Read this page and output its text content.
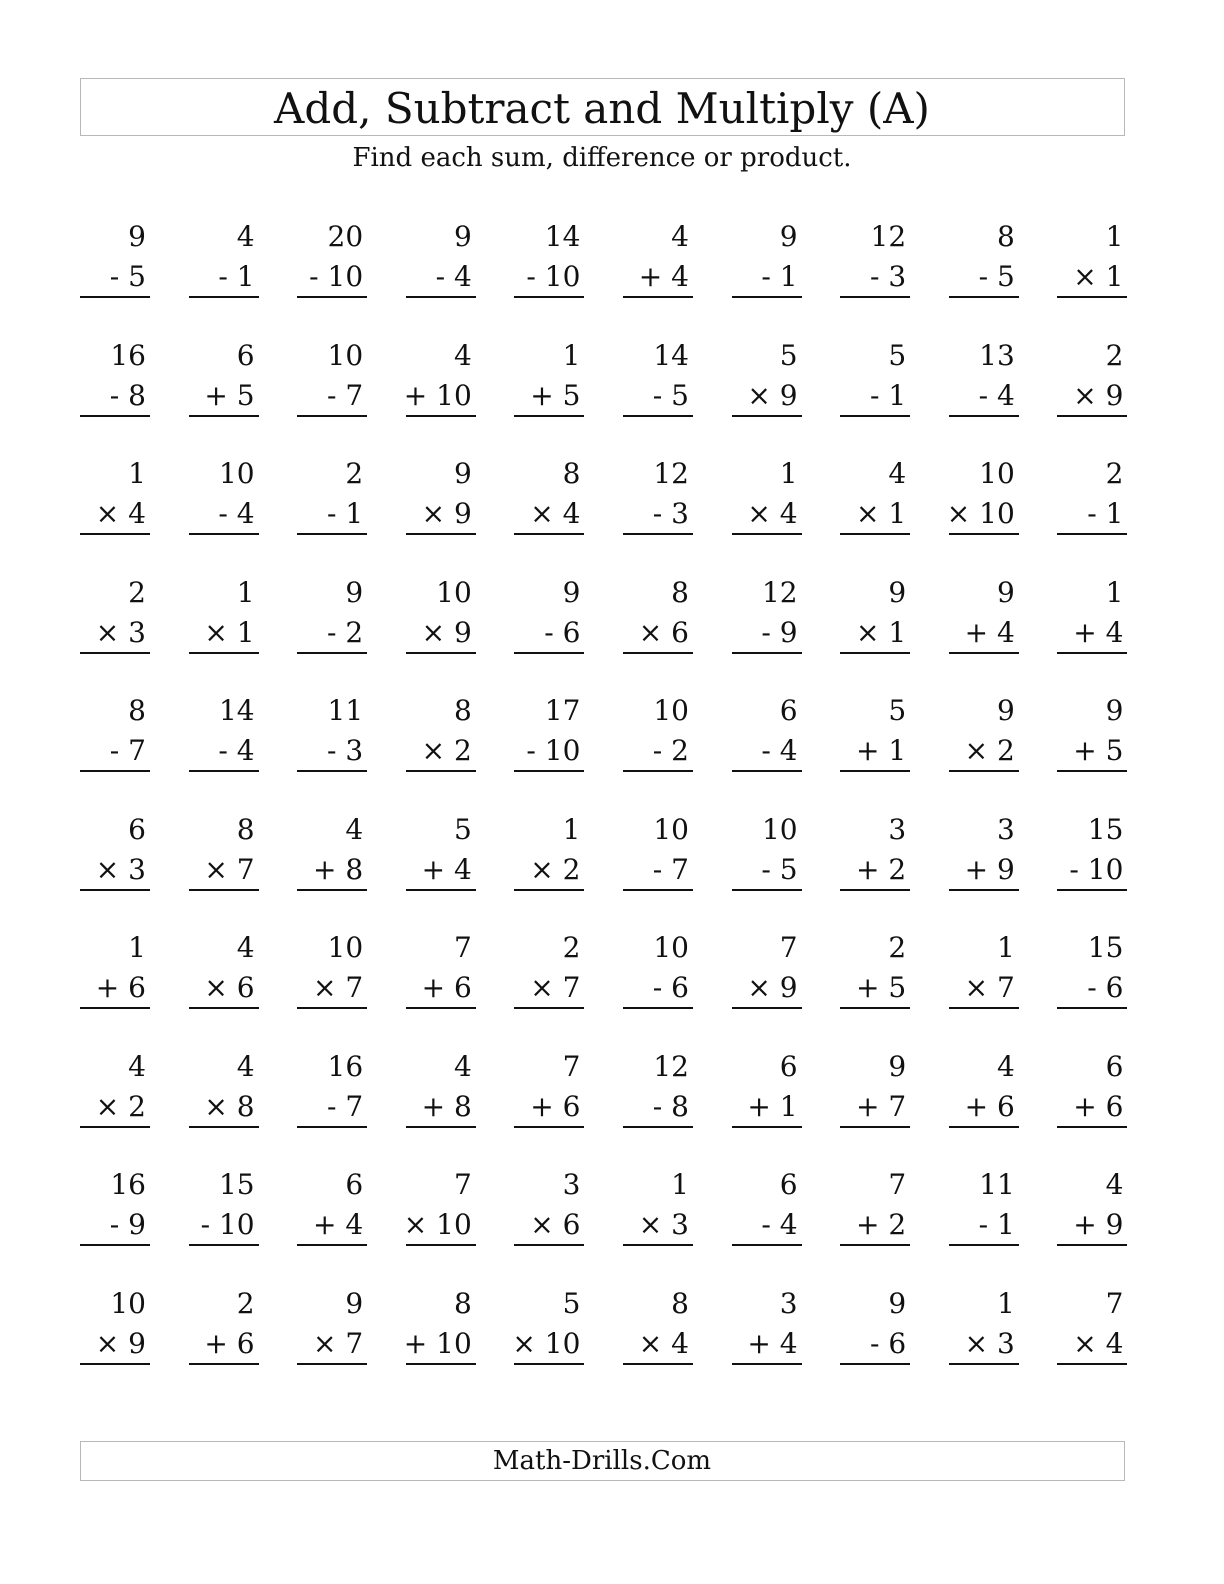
Add, Subtract and Multiply (A)
Find each sum, difference or product.
9
- 5
4
- 1
20
- 10
9
- 4
14
- 10
4
+ 4
9
- 1
12
- 3
8
- 5
1
× 1
16
- 8
6
+ 5
10
- 7
4
+ 10
1
+ 5
14
- 5
5
× 9
5
- 1
13
- 4
2
× 9
1
× 4
10
- 4
2
- 1
9
× 9
8
× 4
12
- 3
1
× 4
4
× 1
10
× 10
2
- 1
2
× 3
1
× 1
9
- 2
10
× 9
9
- 6
8
× 6
12
- 9
9
× 1
9
+ 4
1
+ 4
8
- 7
14
- 4
11
- 3
8
× 2
17
- 10
10
- 2
6
- 4
5
+ 1
9
× 2
9
+ 5
6
× 3
8
× 7
4
+ 8
5
+ 4
1
× 2
10
- 7
10
- 5
3
+ 2
3
+ 9
15
- 10
1
+ 6
4
× 6
10
× 7
7
+ 6
2
× 7
10
- 6
7
× 9
2
+ 5
1
× 7
15
- 6
4
× 2
4
× 8
16
- 7
4
+ 8
7
+ 6
12
- 8
6
+ 1
9
+ 7
4
+ 6
6
+ 6
16
- 9
15
- 10
6
+ 4
7
× 10
3
× 6
1
× 3
6
- 4
7
+ 2
11
- 1
4
+ 9
10
× 9
2
+ 6
9
× 7
8
+ 10
5
× 10
8
× 4
3
+ 4
9
- 6
1
× 3
7
× 4
Math-Drills.Com
